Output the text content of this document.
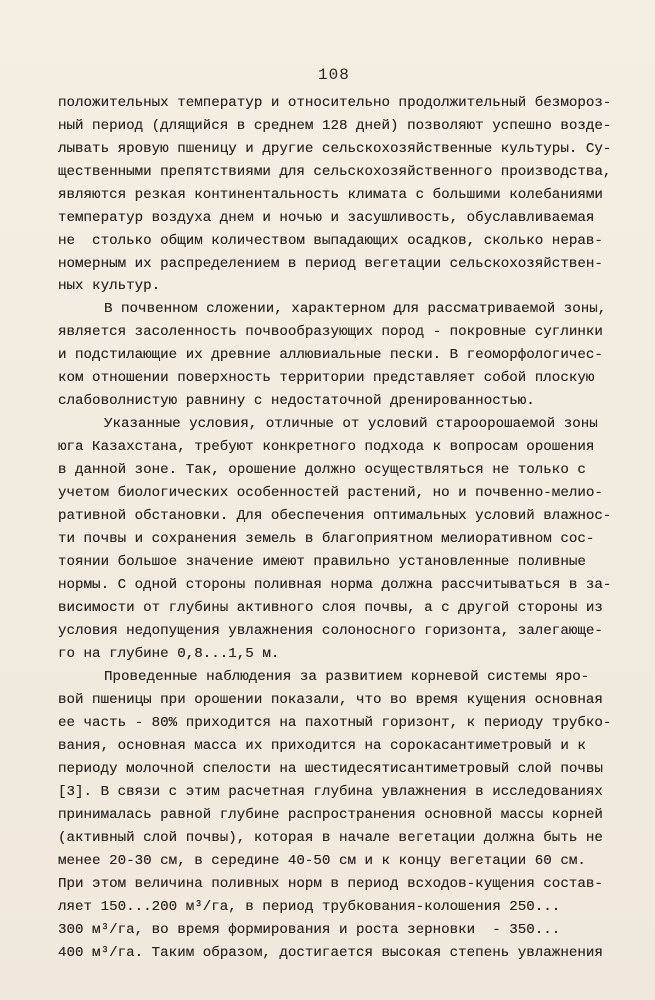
108
положительных температур и относительно продолжительный безмороз-
ный период (длящийся в среднем 128 дней) позволяют успешно возде-
лывать яровую пшеницу и другие сельскохозяйственные культуры. Су-
щественными препятствиями для сельскохозяйственного производства,
являются резкая континентальность климата с большими колебаниями
температур воздуха днем и ночью и засушливость, обуславливаемая
не  столько общим количеством выпадающих осадков, сколько нерав-
номерным их распределением в период вегетации сельскохозяйствен-
ных культур.
В почвенном сложении, характерном для рассматриваемой зоны,
является засоленность почвообразующих пород - покровные суглинки
и подстилающие их древние аллювиальные пески. В геоморфологичес-
ком отношении поверхность территории представляет собой плоскую
слабоволнистую равнину с недостаточной дренированностью.
Указанные условия, отличные от условий староорошаемой зоны
юга Казахстана, требуют конкретного подхода к вопросам орошения
в данной зоне. Так, орошение должно осуществляться не только с
учетом биологических особенностей растений, но и почвенно-мелио-
ративной обстановки. Для обеспечения оптимальных условий влажнос-
ти почвы и сохранения земель в благоприятном мелиоративном сос-
тоянии большое значение имеют правильно установленные поливные
нормы. С одной стороны поливная норма должна рассчитываться в за-
висимости от глубины активного слоя почвы, а с другой стороны из
условия недопущения увлажнения солоносного горизонта, залегающе-
го на глубине 0,8...1,5 м.
Проведенные наблюдения за развитием корневой системы яро-
вой пшеницы при орошении показали, что во время кущения основная
ее часть - 80% приходится на пахотный горизонт, к периоду трубко-
вания, основная масса их приходится на сорокасантиметровый и к
периоду молочной спелости на шестидесятисантиметровый слой почвы
[3]. В связи с этим расчетная глубина увлажнения в исследованиях
принималась равной глубине распространения основной массы корней
(активный слой почвы), которая в начале вегетации должна быть не
менее 20-30 см, в середине 40-50 см и к концу вегетации 60 см.
При этом величина поливных норм в период всходов-кущения состав-
ляет 150...200 м³/га, в период трубкования-колошения 250...
300 м³/га, во время формирования и роста зерновки  - 350...
400 м³/га. Таким образом, достигается высокая степень увлажнения
